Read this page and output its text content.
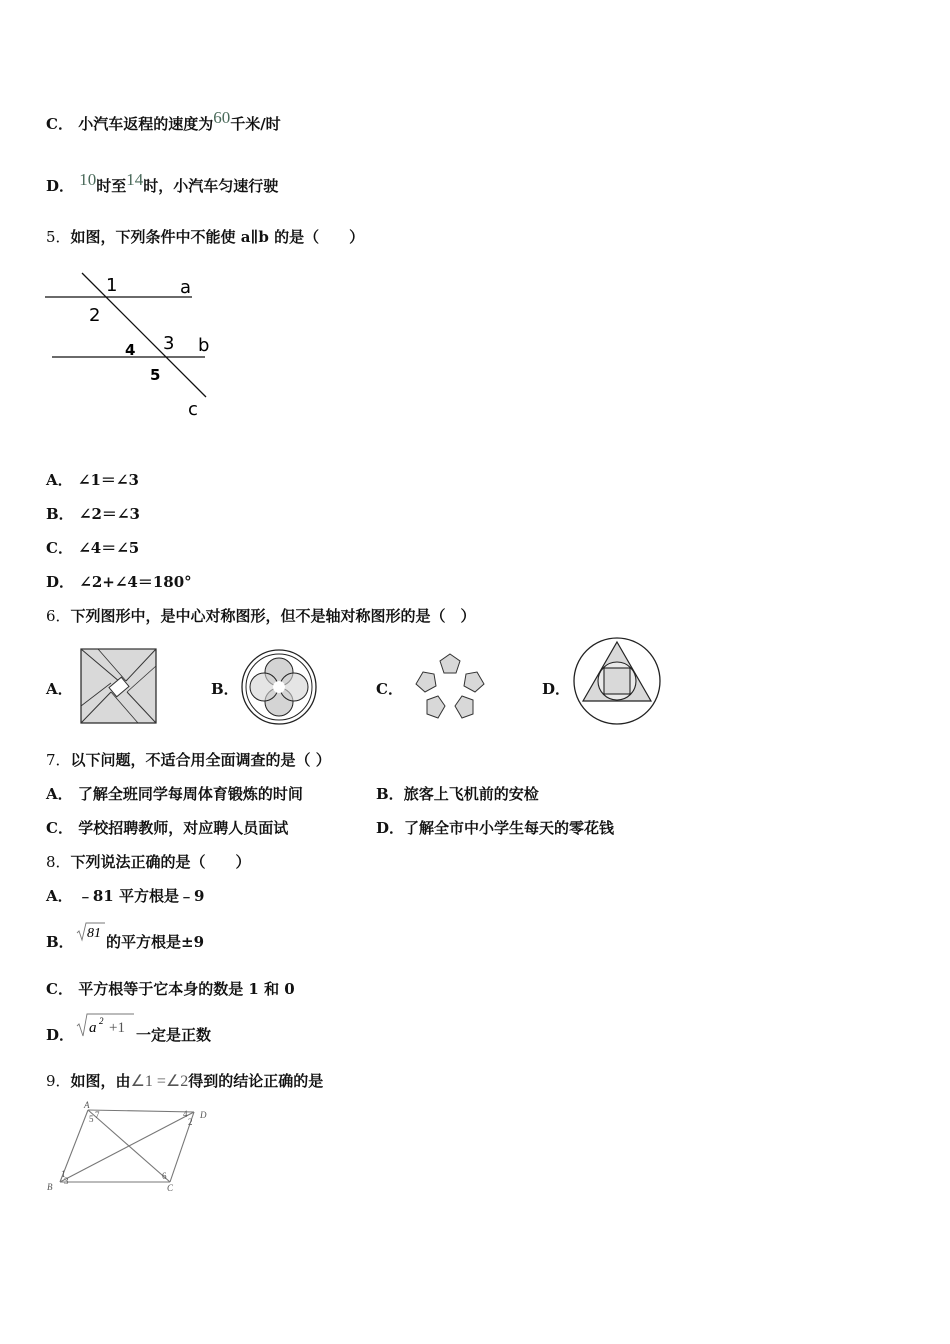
C． 小汽车返程的速度为60千米/时
D． 10时至14时，小汽车匀速行驶
5．如图，下列条件中不能使 a∥b 的是（　　）
1	a
2
3 b
4
5
c
A． ∠1＝∠3
B． ∠2＝∠3
C． ∠4＝∠5
D． ∠2+∠4＝180°
6．下列图形中，是中心对称图形，但不是轴对称图形的是（　）
A．	B．	C．	D．
7．以下问题，不适合用全面调查的是（ ）
A． 了解全班同学每周体育锻炼的时间	B．旅客上飞机前的安检
C． 学校招聘教师，对应聘人员面试	D．了解全市中小学生每天的零花钱
8．下列说法正确的是（　　）
A． ﹣81 平方根是﹣9
B． 81 的平方根是±9
C． 平方根等于它本身的数是 1 和 0
D． a 2 +1 一定是正数
9．如图，由∠1 =∠2得到的结论正确的是
A
B	C
D
5 7	4
2
1
3	6
